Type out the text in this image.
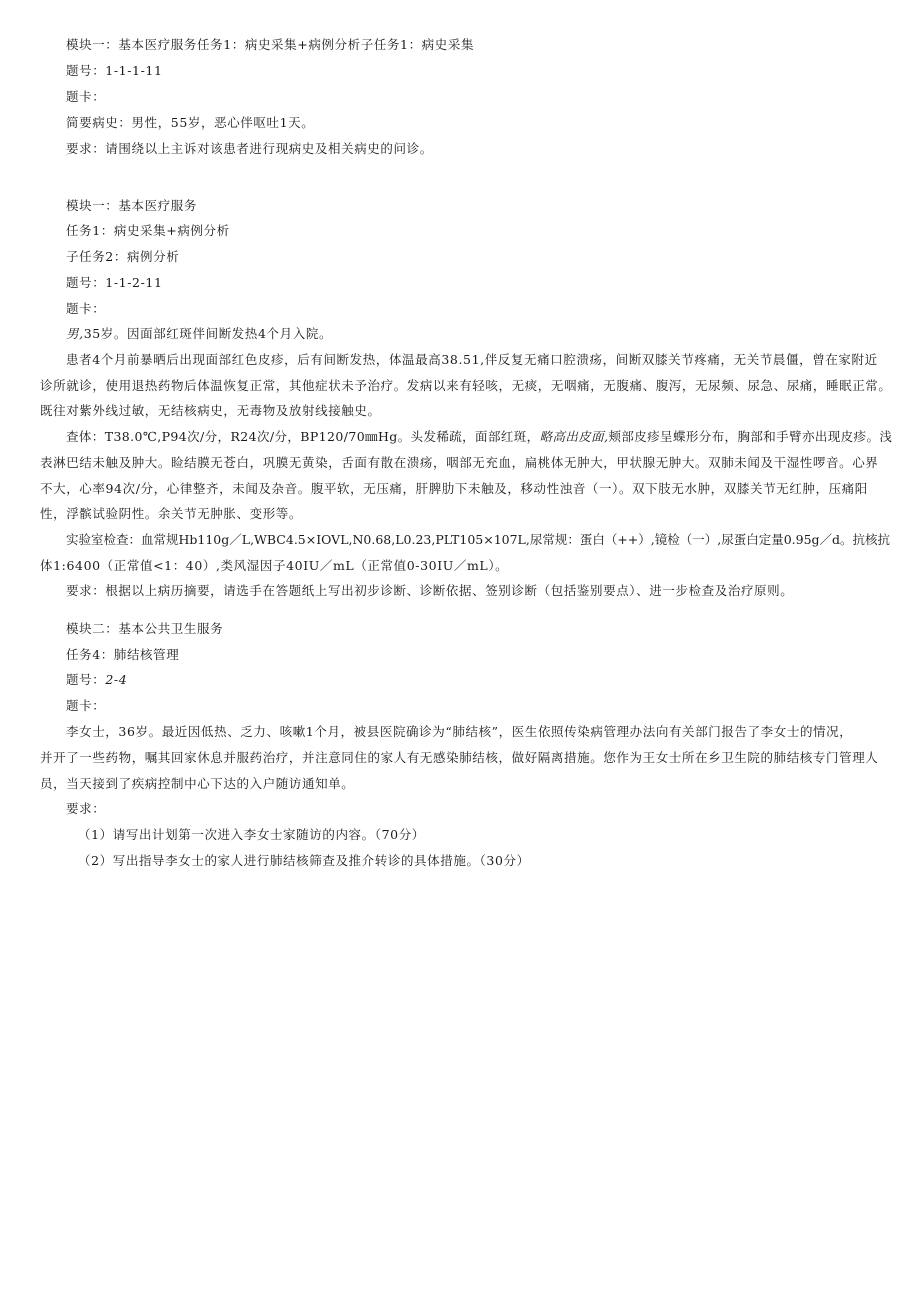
模块一：基本医疗服务任务1：病史采集+病例分析子任务1：病史采集
题号：1-1-1-11
题卡：
简要病史：男性，55岁，恶心伴呕吐1天。
要求：请围绕以上主诉对该患者进行现病史及相关病史的问诊。
模块一：基本医疗服务
任务1：病史采集+病例分析
子任务2：病例分析
题号：1-1-2-11
题卡：
男,35岁。因面部红斑伴间断发热4个月入院。
患者4个月前暴晒后出现面部红色皮疹，后有间断发热，体温最高38.51,伴反复无痛口腔溃疡，间断双膝关节疼痛，无关节晨僵，曾在家附近
诊所就诊，使用退热药物后体温恢复正常，其他症状未予治疗。发病以来有轻咳，无痰，无咽痛，无腹痛、腹泻，无尿频、尿急、尿痛，睡眠正常。
既往对紫外线过敏，无结核病史，无毒物及放射线接触史。
查体：T38.0℃,P94次/分，R24次/分，BP120/70㎜Hg。头发稀疏，面部红斑，略高出皮面,颊部皮疹呈蝶形分布，胸部和手臂亦出现皮疹。浅
表淋巴结未触及肿大。睑结膜无苍白，巩膜无黄染，舌面有散在溃疡，咽部无充血，扁桃体无肿大，甲状腺无肿大。双肺未闻及干湿性啰音。心界
不大，心率94次/分，心律整齐，未闻及杂音。腹平软，无压痛，肝脾肋下未触及，移动性浊音（一）。双下肢无水肿，双膝关节无红肿，压痛阳
性，浮髌试验阴性。余关节无肿胀、变形等。
实验室检查：血常规Hb110g／L,WBC4.5×IOVL,N0.68,L0.23,PLT105×107L,尿常规：蛋白（++）,镜检（一）,尿蛋白定量0.95g／d。抗核抗
体1:6400（正常值<1：40）,类风湿因子40IU／mL（正常值0-30IU／mL）。
要求：根据以上病历摘要，请选手在答题纸上写出初步诊断、诊断依据、签别诊断（包括鉴别要点）、进一步检查及治疗原则。
模块二：基本公共卫生服务
任务4：肺结核管理
题号：2-4
题卡：
李女士，36岁。最近因低热、乏力、咳嗽1个月，被县医院确诊为“肺结核”，医生依照传染病管理办法向有关部门报告了李女士的情况，
并开了一些药物，嘱其回家休息并服药治疗，并注意同住的家人有无感染肺结核，做好隔离措施。您作为王女士所在乡卫生院的肺结核专门管理人
员，当天接到了疾病控制中心下达的入户随访通知单。
要求：
（1）请写出计划第一次进入李女士家随访的内容。（70分）
（2）写出指导李女士的家人进行肺结核筛查及推介转诊的具体措施。（30分）
